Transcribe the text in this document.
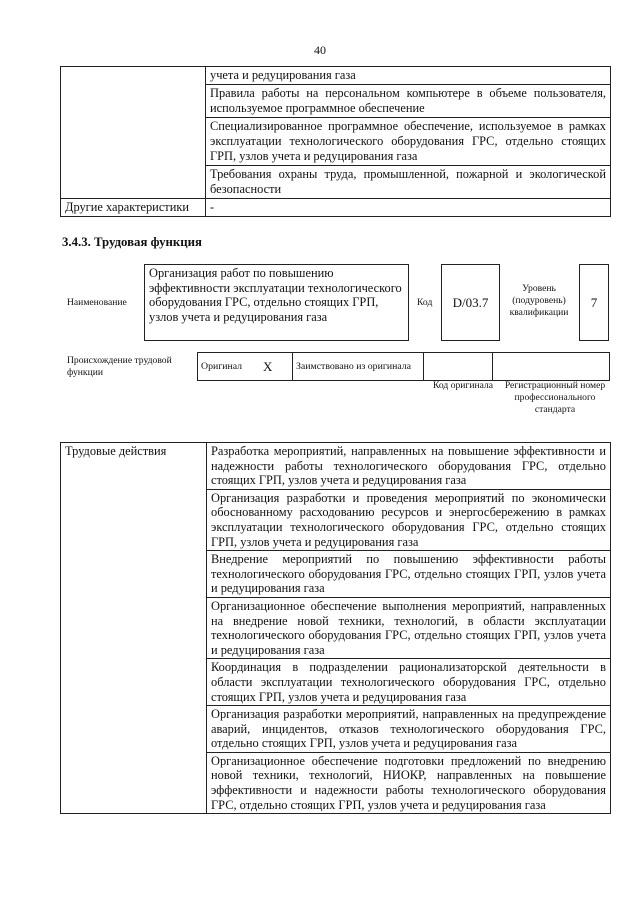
40
	учета и редуцирования газа
	Правила работы на персональном компьютере в объеме пользователя, используемое программное обеспечение
	Специализированное программное обеспечение, используемое в рамках эксплуатации технологического оборудования ГРС, отдельно стоящих ГРП, узлов учета и редуцирования газа
	Требования охраны труда, промышленной, пожарной и экологической безопасности
Другие характеристики	-
3.4.3. Трудовая функция
Наименование
Организация работ по повышению эффективности эксплуатации технологического оборудования ГРС, отдельно стоящих ГРП, узлов учета и редуцирования газа
Код D/03.7
Уровень (подуровень) квалификации
7
Происхождение трудовой функции
Оригинал	X	Заимствовано из оригинала		
Код оригинала	Регистрационный номер профессионального стандарта
Трудовые действия	Разработка мероприятий, направленных на повышение эффективности и надежности работы технологического оборудования ГРС, отдельно стоящих ГРП, узлов учета и редуцирования газа
Организация разработки и проведения мероприятий по экономически обоснованному расходованию ресурсов и энергосбережению в рамках эксплуатации технологического оборудования ГРС, отдельно стоящих ГРП, узлов учета и редуцирования газа
Внедрение мероприятий по повышению эффективности работы технологического оборудования ГРС, отдельно стоящих ГРП, узлов учета и редуцирования газа
Организационное обеспечение выполнения мероприятий, направленных на внедрение новой техники, технологий, в области эксплуатации технологического оборудования ГРС, отдельно стоящих ГРП, узлов учета и редуцирования газа
Координация в подразделении рационализаторской деятельности в области эксплуатации технологического оборудования ГРС, отдельно стоящих ГРП, узлов учета и редуцирования газа
Организация разработки мероприятий, направленных на предупреждение аварий, инцидентов, отказов технологического оборудования ГРС, отдельно стоящих ГРП, узлов учета и редуцирования газа
Организационное обеспечение подготовки предложений по внедрению новой техники, технологий, НИОКР, направленных на повышение эффективности и надежности работы технологического оборудования ГРС, отдельно стоящих ГРП, узлов учета и редуцирования газа
